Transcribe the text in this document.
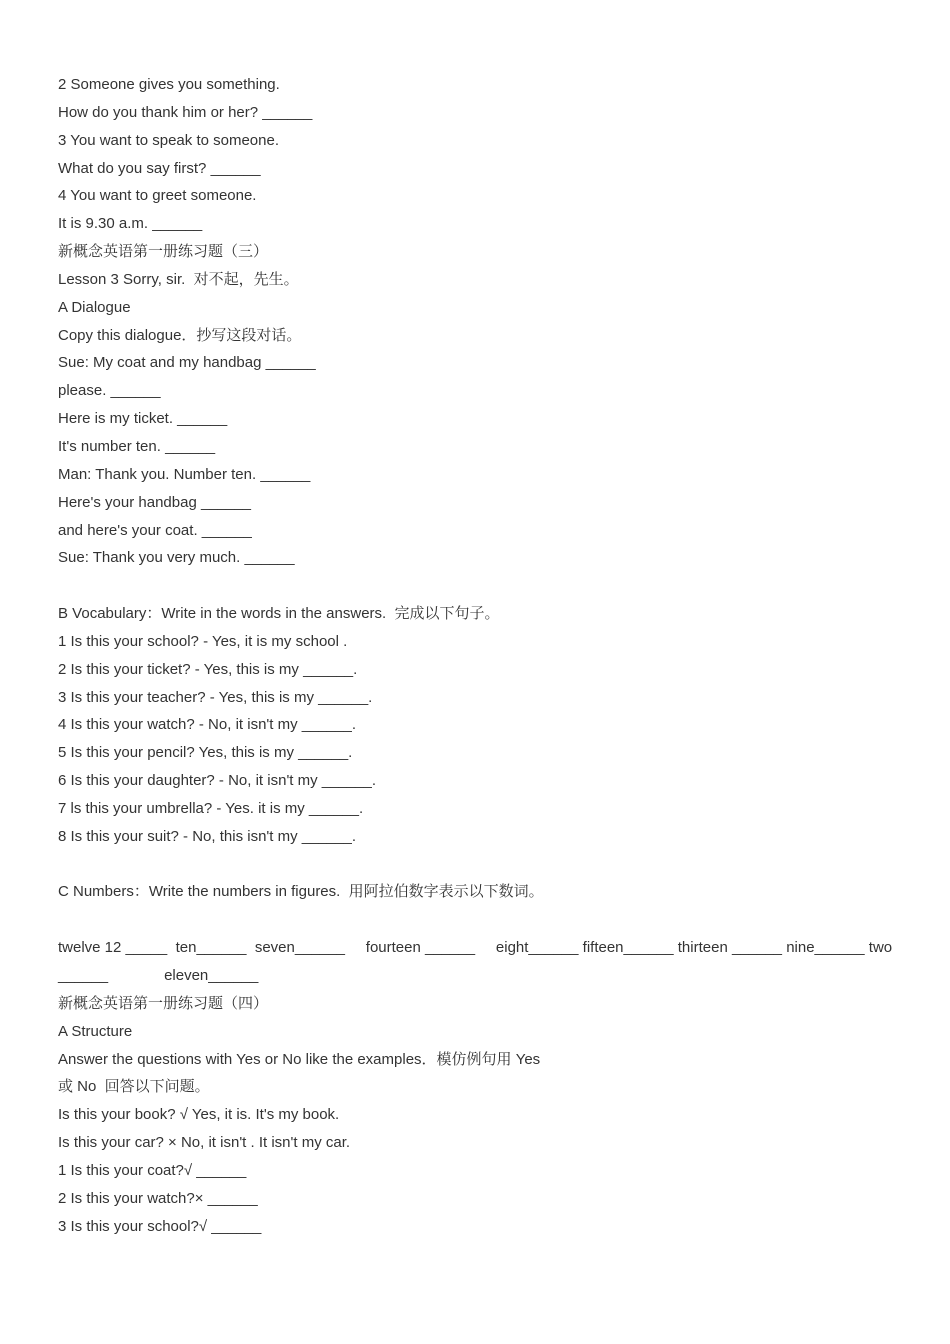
2 Someone gives you something.
How do you thank him or her? ______
3 You want to speak to someone.
What do you say first? ______
4 You want to greet someone.
It is 9.30 a.m. ______
新概念英语第一册练习题（三）
Lesson 3 Sorry, sir.  对不起，先生。
A Dialogue
Copy this dialogue．抄写这段对话。
Sue: My coat and my handbag ______
please. ______
Here is my ticket. ______
It's number ten. ______
Man: Thank you. Number ten. ______
Here's your handbag ______
and here's your coat. ______
Sue: Thank you very much. ______
B Vocabulary：Write in the words in the answers.  完成以下句子。
1 Is this your school? - Yes, it is my school .
2 Is this your ticket? - Yes, this is my ______.
3 Is this your teacher? - Yes, this is my ______.
4 Is this your watch? - No, it isn't my ______.
5 Is this your pencil? Yes, this is my ______.
6 Is this your daughter? - No, it isn't my ______.
7 ls this your umbrella? - Yes. it is my ______.
8 Is this your suit? - No, this isn't my ______.
C Numbers：Write the numbers in figures.  用阿拉伯数字表示以下数词。
twelve 12 _____ ten______ seven______ fourteen ______ eight______ fifteen______ thirteen ______ nine______ two
______	eleven______
新概念英语第一册练习题（四）
A Structure
Answer the questions with Yes or No like the examples．模仿例句用 Yes
或 No  回答以下问题。
Is this your book? √ Yes, it is. It's my book.
Is this your car? × No, it isn't . It isn't my car.
1 Is this your coat?√ ______
2 Is this your watch?× ______
3 Is this your school?√ ______
